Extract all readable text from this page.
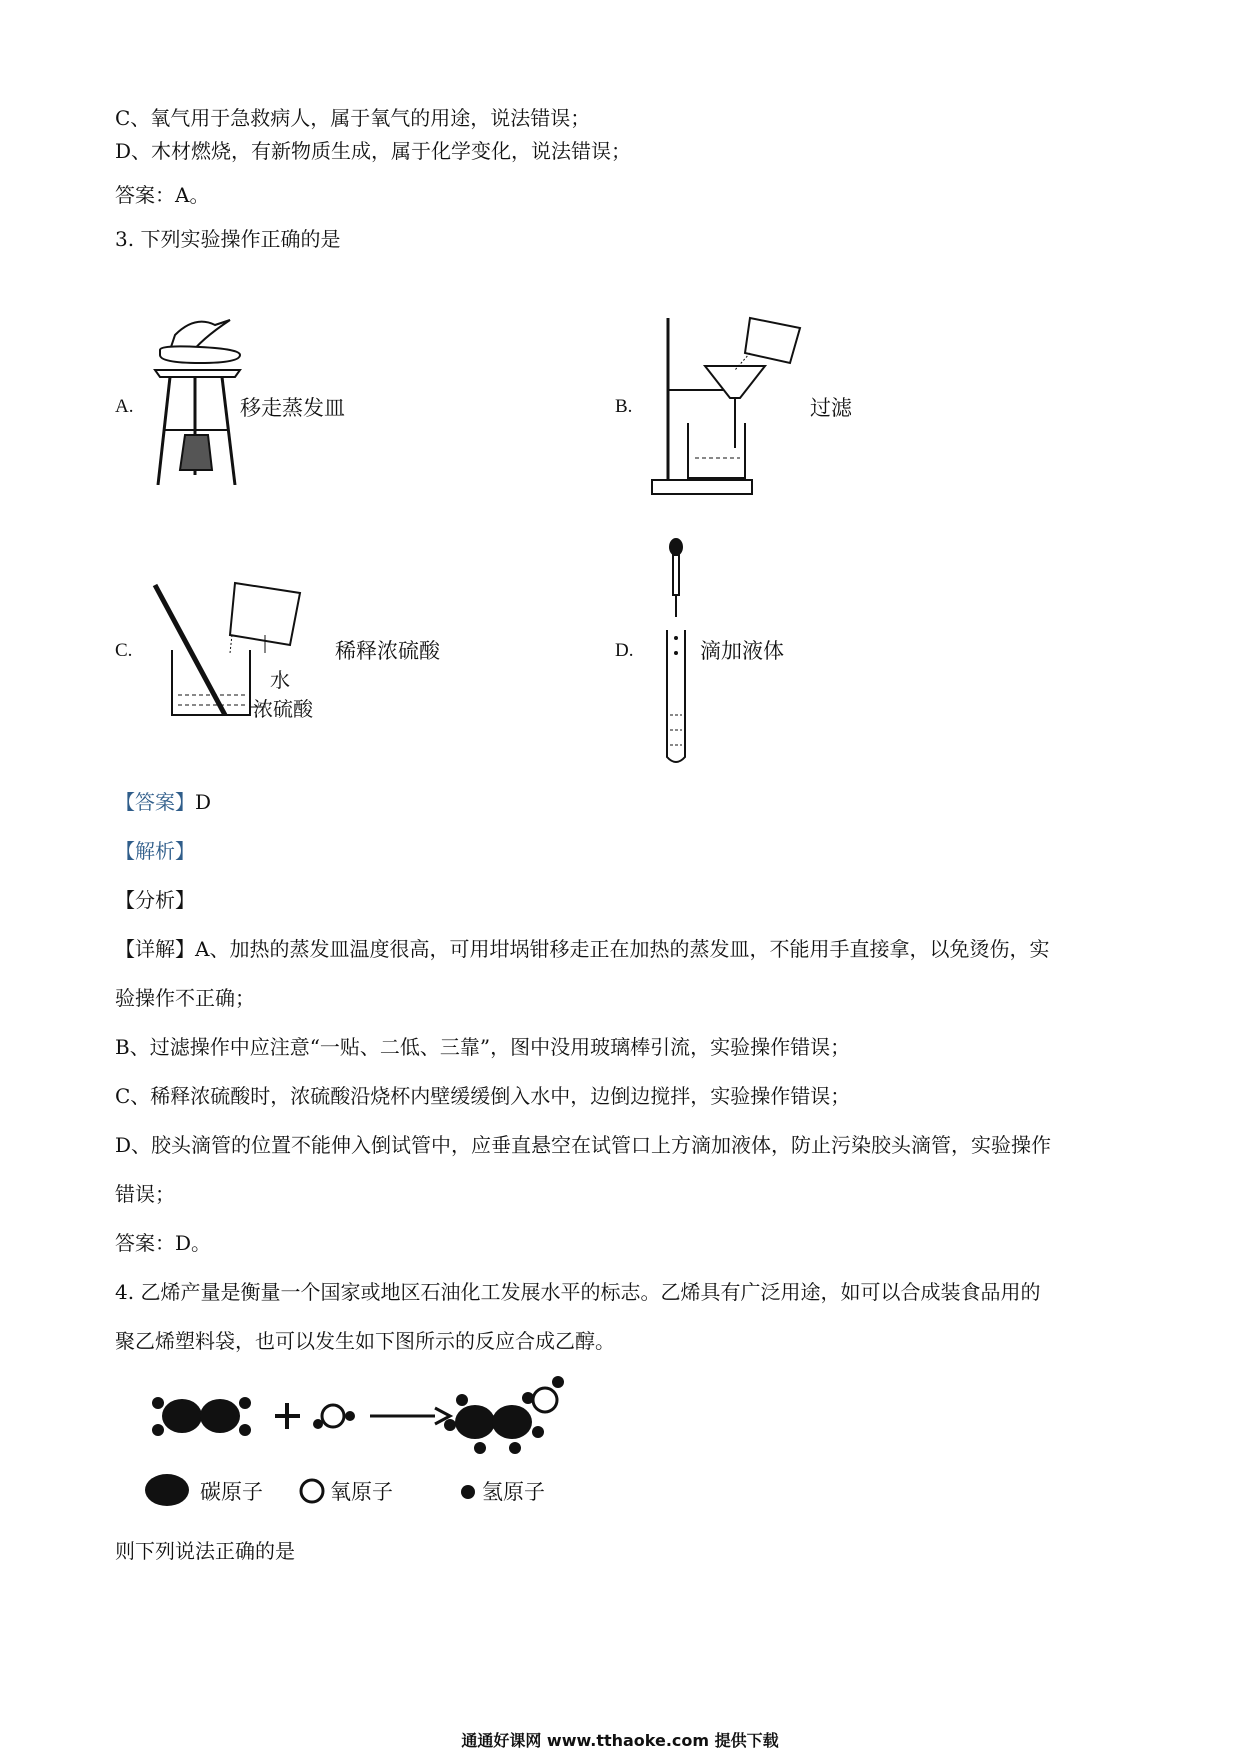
C、氧气用于急救病人，属于氧气的用途，说法错误；
D、木材燃烧，有新物质生成，属于化学变化，说法错误；
答案：A。
3. 下列实验操作正确的是
A.	移走蒸发皿	B.	过滤
C.
水
浓硫酸
稀释浓硫酸	D.	滴加液体
【答案】D
【解析】
【分析】
【详解】A、加热的蒸发皿温度很高，可用坩埚钳移走正在加热的蒸发皿，不能用手直接拿，以免烫伤，实
验操作不正确；
B、过滤操作中应注意“一贴、二低、三靠”，图中没用玻璃棒引流，实验操作错误；
C、稀释浓硫酸时，浓硫酸沿烧杯内壁缓缓倒入水中，边倒边搅拌，实验操作错误；
D、胶头滴管的位置不能伸入倒试管中，应垂直悬空在试管口上方滴加液体，防止污染胶头滴管，实验操作
错误；
答案：D。
4. 乙烯产量是衡量一个国家或地区石油化工发展水平的标志。乙烯具有广泛用途，如可以合成装食品用的
聚乙烯塑料袋，也可以发生如下图所示的反应合成乙醇。
碳原子	氧原子	氢原子
则下列说法正确的是
通通好课网 www.tthaoke.com 提供下载
